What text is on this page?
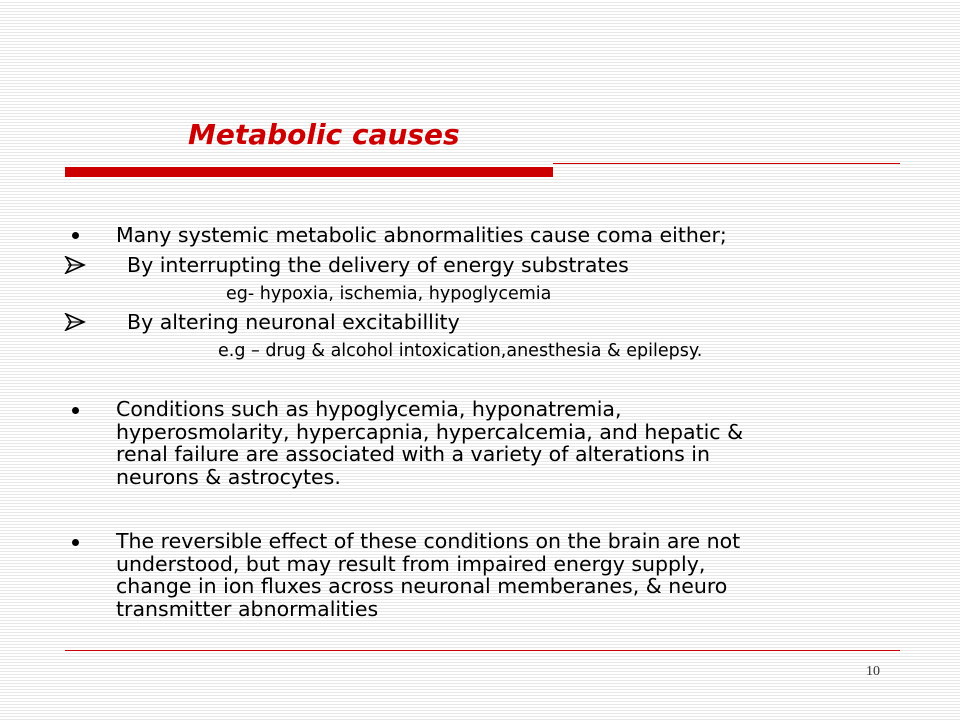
Metabolic causes
Many systemic metabolic abnormalities cause coma either;
By interrupting the delivery of energy substrates
eg- hypoxia, ischemia, hypoglycemia
By altering neuronal excitabillity
e.g – drug & alcohol intoxication,anesthesia & epilepsy.
Conditions such as hypoglycemia, hyponatremia,
hyperosmolarity, hypercapnia, hypercalcemia, and hepatic &
renal failure are associated with a variety of alterations in
neurons & astrocytes.
The reversible effect of these conditions on the brain are not
understood, but may result from impaired energy supply,
change in ion fluxes across neuronal memberanes, & neuro
transmitter abnormalities
10
